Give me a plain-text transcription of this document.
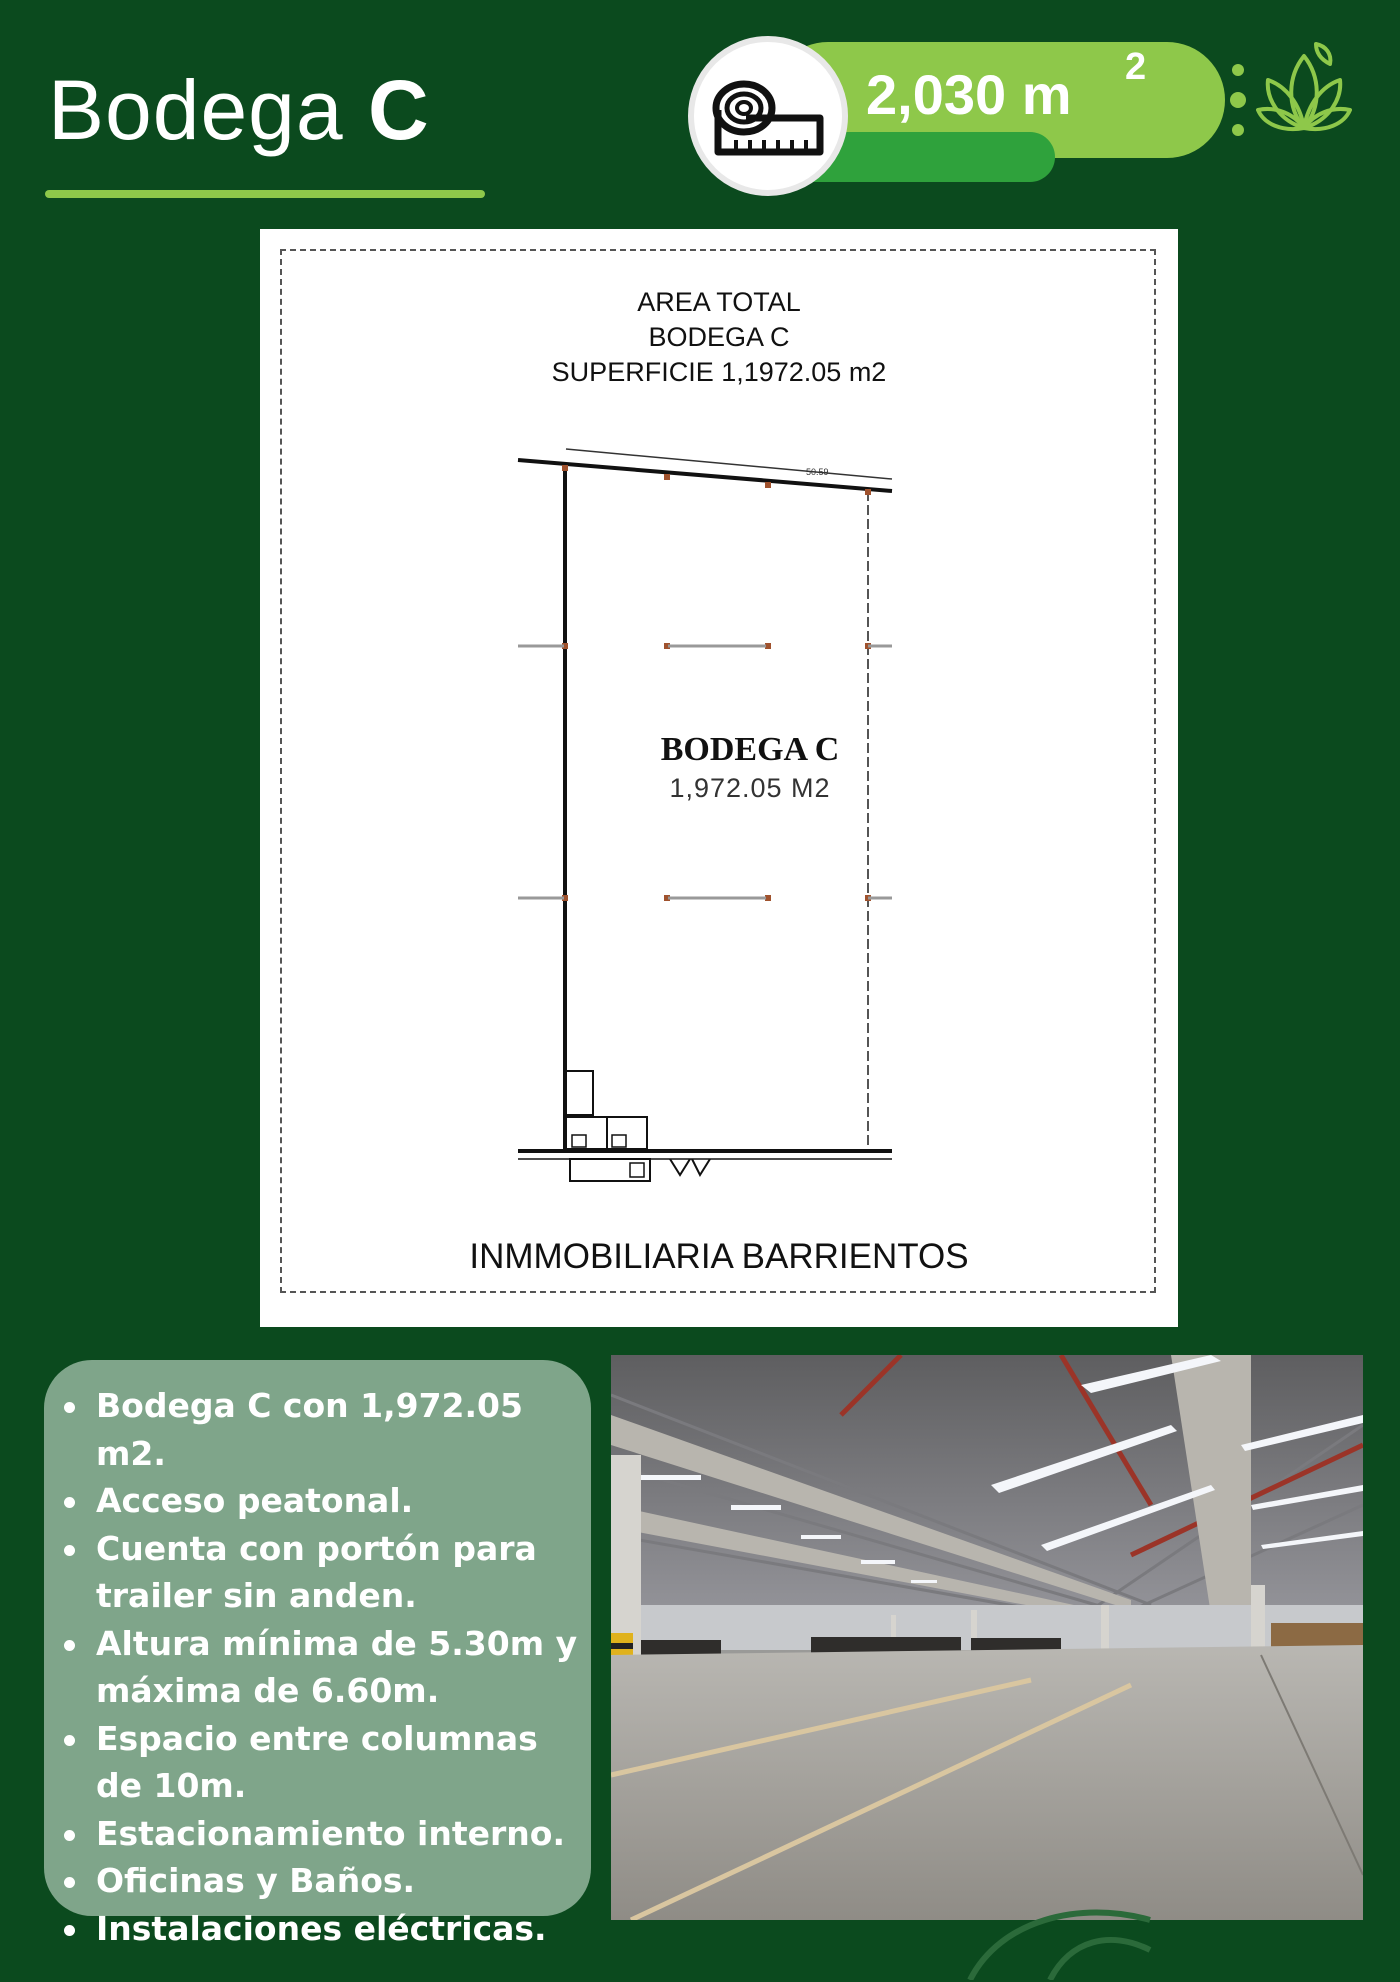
Bodega C	2,030 m 2
AREA TOTAL
BODEGA C
SUPERFICIE 1,1972.05 m2
50.59
BODEGA C
1,972.05 M2
INMMOBILIARIA BARRIENTOS
Bodega C con 1,972.05 m2.
Acceso peatonal.
Cuenta con portón para trailer sin anden.
Altura mínima de 5.30m y máxima de 6.60m.
Espacio entre columnas de 10m.
Estacionamiento interno.
Oficinas y Baños.
Instalaciones eléctricas.
